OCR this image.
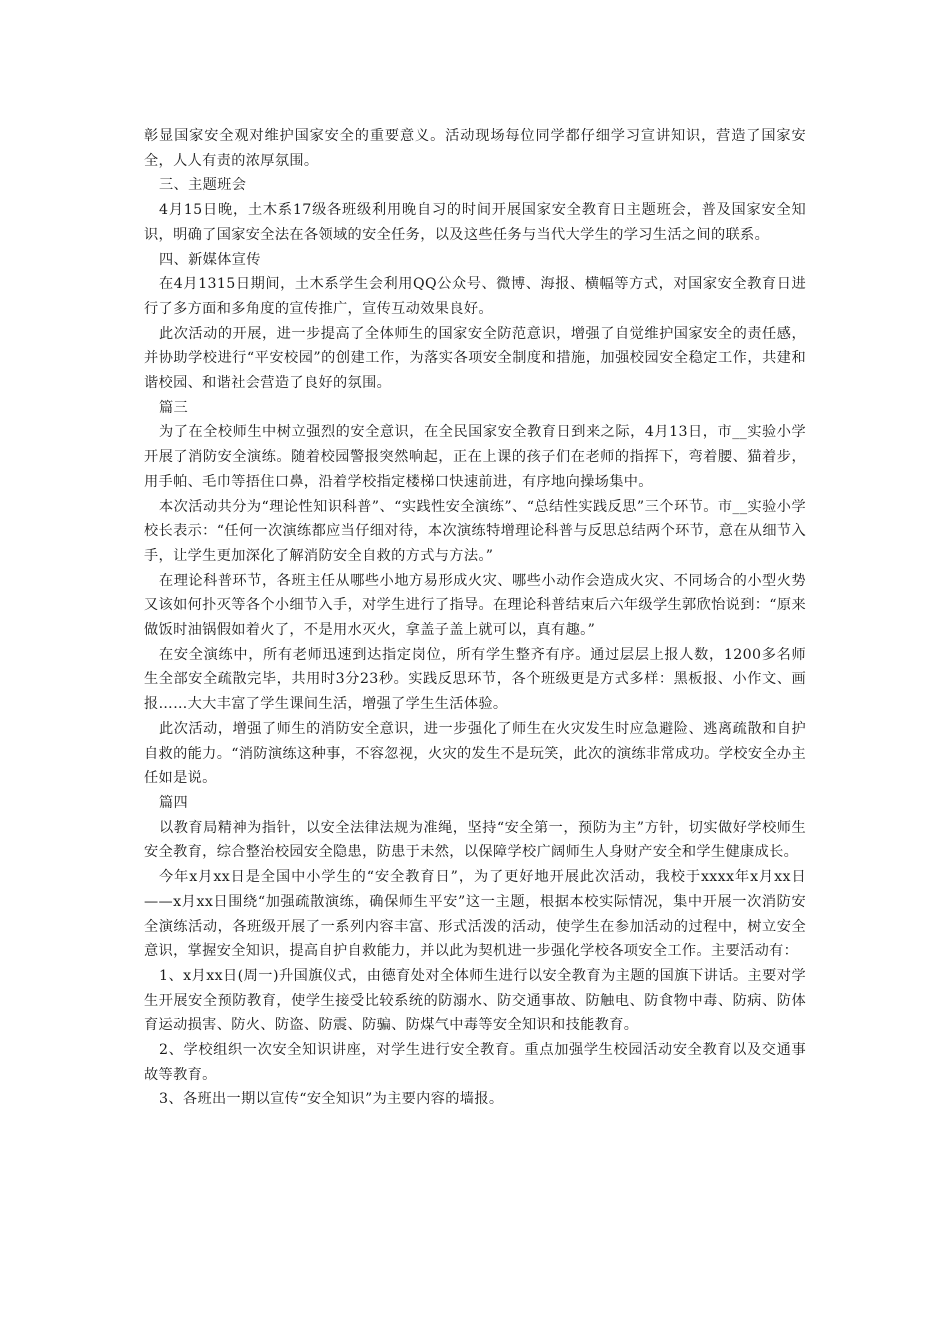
彰显国家安全观对维护国家安全的重要意义。活动现场每位同学都仔细学习宣讲知识，营造了国家安全，人人有责的浓厚氛围。

三、主题班会

4月15日晚，土木系17级各班级利用晚自习的时间开展国家安全教育日主题班会，普及国家安全知识，明确了国家安全法在各领域的安全任务，以及这些任务与当代大学生的学习生活之间的联系。

四、新媒体宣传

在4月1315日期间，土木系学生会利用QQ公众号、微博、海报、横幅等方式，对国家安全教育日进行了多方面和多角度的宣传推广，宣传互动效果良好。

此次活动的开展，进一步提高了全体师生的国家安全防范意识，增强了自觉维护国家安全的责任感，并协助学校进行“平安校园”的创建工作，为落实各项安全制度和措施，加强校园安全稳定工作，共建和谐校园、和谐社会营造了良好的氛围。

篇三

为了在全校师生中树立强烈的安全意识，在全民国家安全教育日到来之际，4月13日，市__实验小学开展了消防安全演练。随着校园警报突然响起，正在上课的孩子们在老师的指挥下，弯着腰、猫着步，用手帕、毛巾等捂住口鼻，沿着学校指定楼梯口快速前进，有序地向操场集中。

本次活动共分为“理论性知识科普”、“实践性安全演练”、“总结性实践反思”三个环节。市__实验小学校长表示：“任何一次演练都应当仔细对待，本次演练特增理论科普与反思总结两个环节，意在从细节入手，让学生更加深化了解消防安全自救的方式与方法。”

在理论科普环节，各班主任从哪些小地方易形成火灾、哪些小动作会造成火灾、不同场合的小型火势又该如何扑灭等各个小细节入手，对学生进行了指导。在理论科普结束后六年级学生郭欣怡说到：“原来做饭时油锅假如着火了，不是用水灭火，拿盖子盖上就可以，真有趣。”

在安全演练中，所有老师迅速到达指定岗位，所有学生整齐有序。通过层层上报人数，1200多名师生全部安全疏散完毕，共用时3分23秒。实践反思环节，各个班级更是方式多样：黑板报、小作文、画报……大大丰富了学生课间生活，增强了学生生活体验。

此次活动，增强了师生的消防安全意识，进一步强化了师生在火灾发生时应急避险、逃离疏散和自护自救的能力。“消防演练这种事，不容忽视，火灾的发生不是玩笑，此次的演练非常成功。学校安全办主任如是说。

篇四

以教育局精神为指针，以安全法律法规为准绳，坚持“安全第一，预防为主”方针，切实做好学校师生安全教育，综合整治校园安全隐患，防患于未然，以保障学校广阔师生人身财产安全和学生健康成长。

今年x月xx日是全国中小学生的“安全教育日”，为了更好地开展此次活动，我校于xxxx年x月xx日——x月xx日围绕“加强疏散演练，确保师生平安”这一主题，根据本校实际情况，集中开展一次消防安全演练活动，各班级开展了一系列内容丰富、形式活泼的活动，使学生在参加活动的过程中，树立安全意识，掌握安全知识，提高自护自救能力，并以此为契机进一步强化学校各项安全工作。主要活动有：

1、x月xx日(周一)升国旗仪式，由德育处对全体师生进行以安全教育为主题的国旗下讲话。主要对学生开展安全预防教育，使学生接受比较系统的防溺水、防交通事故、防触电、防食物中毒、防病、防体育运动损害、防火、防盗、防震、防骗、防煤气中毒等安全知识和技能教育。

2、学校组织一次安全知识讲座，对学生进行安全教育。重点加强学生校园活动安全教育以及交通事故等教育。

3、各班出一期以宣传“安全知识”为主要内容的墙报。
